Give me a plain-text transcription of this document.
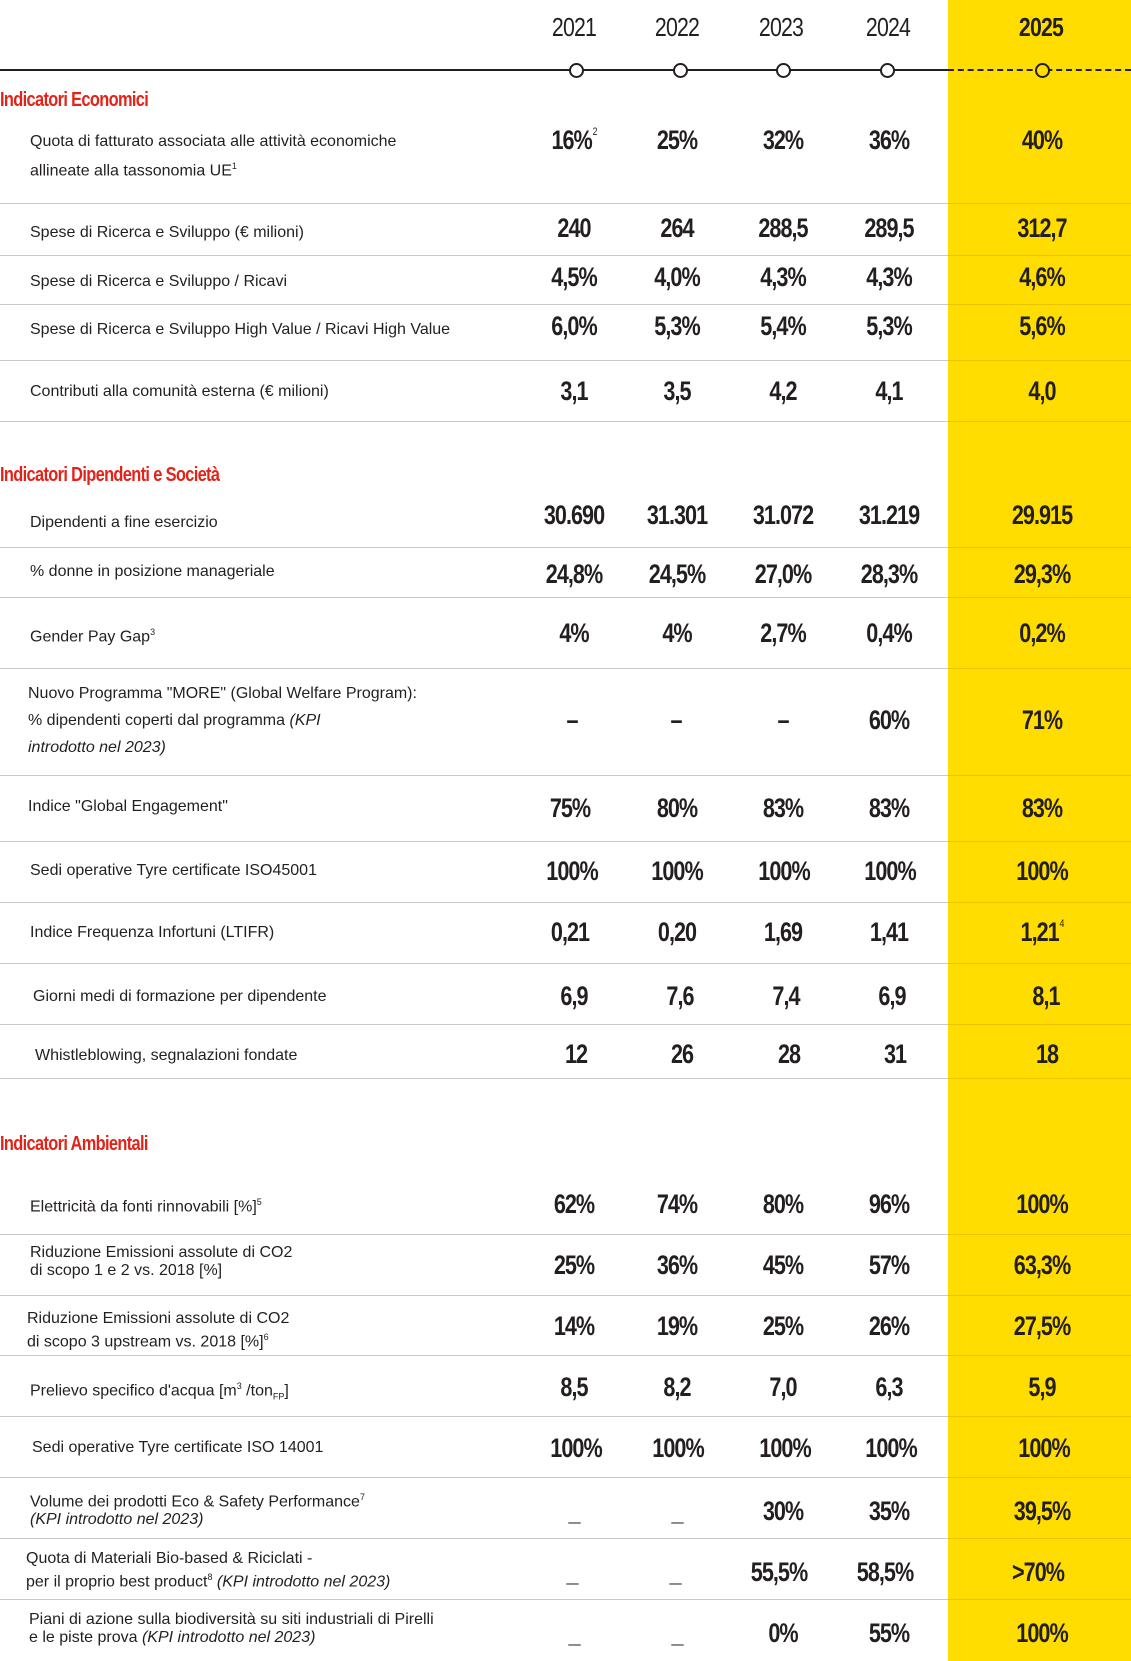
2021	2022	2023	2024	2025
Indicatori Economici
Quota di fatturato associata alle attività economiche
allineate alla tassonomia $UE^1$
16%$^2$	25%	32%	36%	40%
Spese di Ricerca e Sviluppo (€ milioni)	240	264	288,5	289,5	312,7
Spese di Ricerca e Sviluppo / Ricavi	4,5%	4,0%	4,3%	4,3%	4,6%
Spese di Ricerca e Sviluppo High Value / Ricavi High Value	6,0%	5,3%	5,4%	5,3%	5,6%
Contributi alla comunità esterna (€ milioni)	3,1	3,5	4,2	4,1	4,0
Indicatori Dipendenti e Società
Dipendenti a fine esercizio	30.690	31.301	31.072	31.219	29.915
% donne in posizione manageriale	24,8%	24,5%	27,0%	28,3%	29,3%
Gender Pay Gap$^3$	4%	4%	2,7%	0,4%	0,2%
Nuovo Programma "MORE" (Global Welfare Program):
% dipendenti coperti dal programma (KPI
introdotto nel 2023)
–	–	–	60%	71%
Indice "Global Engagement"	75%	80%	83%	83%	83%
Sedi operative Tyre certificate ISO45001	100%	100%	100%	100%	100%
Indice Frequenza Infortuni (LTIFR)	0,21	0,20	1,69	1,41	1,21$^4$
Giorni medi di formazione per dipendente	6,9	7,6	7,4	6,9	8,1
Whistleblowing, segnalazioni fondate	12	26	28	31	18
Indicatori Ambientali
Elettricità da fonti rinnovabili [%]$^5$	62%	74%	80%	96%	100%
Riduzione Emissioni assolute di CO2
di scopo 1 e 2 vs. 2018 [%]	25%	36%	45%	57%	63,3%
Riduzione Emissioni assolute di CO2
di scopo 3 upstream vs. 2018 [%]$^6$	14%	19%	25%	26%	27,5%
Prelievo specifico d'acqua [$m^3$ /ton$_{FP}$]	8,5	8,2	7,0	6,3	5,9
Sedi operative Tyre certificate ISO 14001	100%	100%	100%	100%	100%
Volume dei prodotti Eco & Safety Performance$^7$
(KPI introdotto nel 2023)	_	_	30%	35%	39,5%
Quota di Materiali Bio-based & Riciclati -
per il proprio best product$^8$ (KPI introdotto nel 2023)	_	_	55,5%	58,5%	>70%
Piani di azione sulla biodiversità su siti industriali di Pirelli
e le piste prova (KPI introdotto nel 2023)	_	_	0%	55%	100%
